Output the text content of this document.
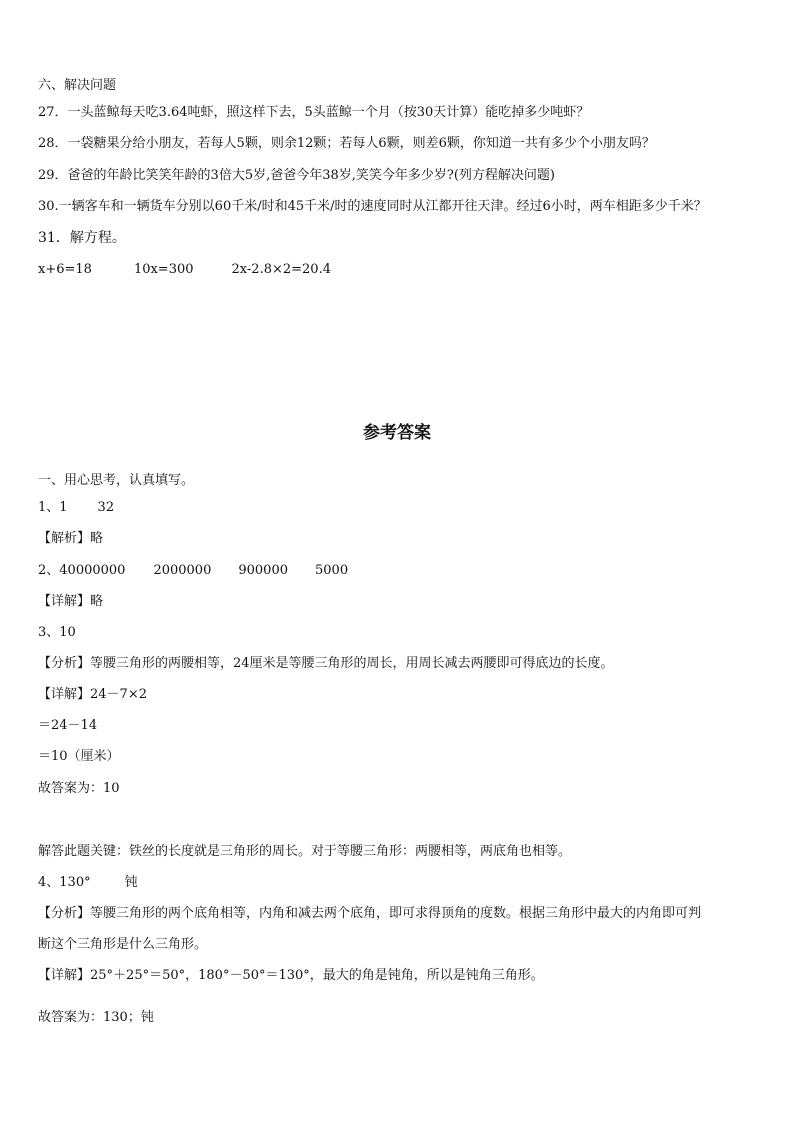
六、解决问题
27．一头蓝鲸每天吃3.64吨虾，照这样下去，5头蓝鲸一个月（按30天计算）能吃掉多少吨虾？
28．一袋糖果分给小朋友，若每人5颗，则余12颗；若每人6颗，则差6颗，你知道一共有多少个小朋友吗？
29．爸爸的年龄比笑笑年龄的3倍大5岁,爸爸今年38岁,笑笑今年多少岁?(列方程解决问题)
30.一辆客车和一辆货车分别以60千米/时和45千米/时的速度同时从江都开往天津。经过6小时，两车相距多少千米？
31．解方程。
x+6=18	10x=300	2x-2.8×2=20.4
参考答案
一、用心思考，认真填写。
1、1 32
【解析】略
2、40000000 2000000 900000 5000
【详解】略
3、10
【分析】等腰三角形的两腰相等，24厘米是等腰三角形的周长，用周长减去两腰即可得底边的长度。
【详解】24－7×2
＝24－14
＝10（厘米）
故答案为：10
解答此题关键：铁丝的长度就是三角形的周长。对于等腰三角形：两腰相等，两底角也相等。
4、130°	钝
【分析】等腰三角形的两个底角相等，内角和减去两个底角，即可求得顶角的度数。根据三角形中最大的内角即可判
断这个三角形是什么三角形。
【详解】25°＋25°＝50°，180°－50°＝130°，最大的角是钝角，所以是钝角三角形。
故答案为：130；钝
